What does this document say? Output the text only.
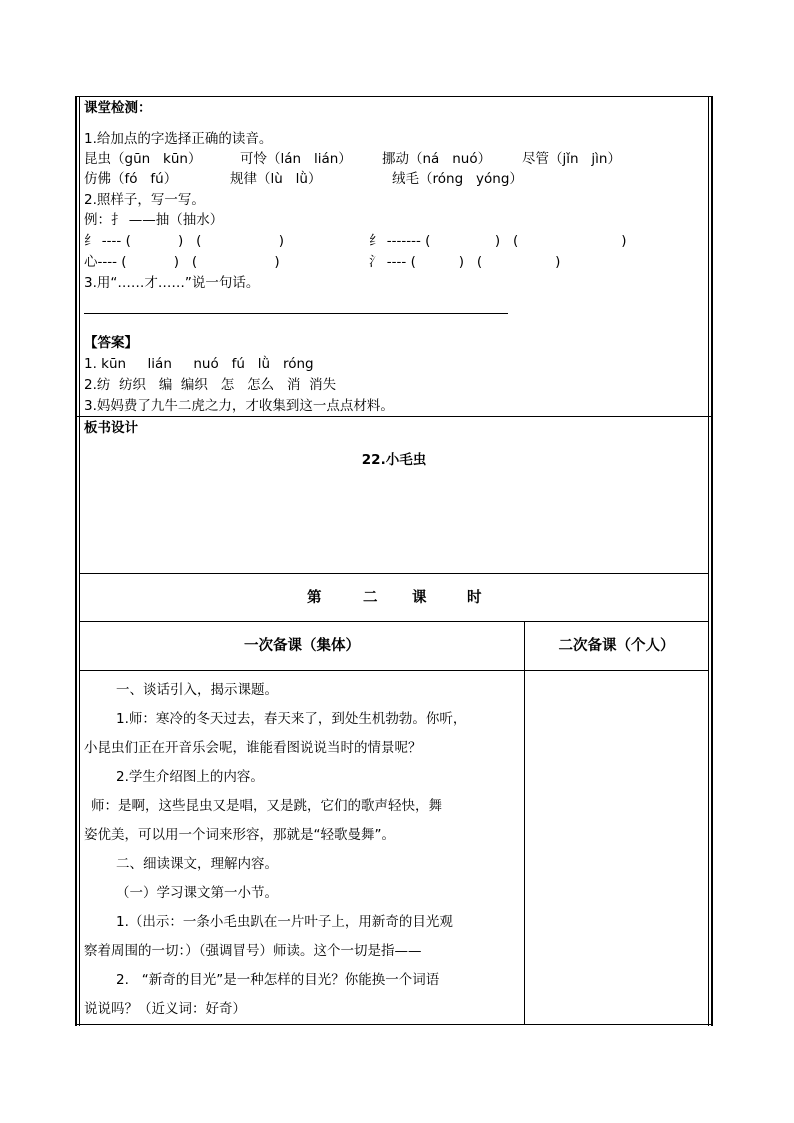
课堂检测：
1.给加点的字选择正确的读音。
昆虫（gūn   kūn）	可怜（lán   lián） 挪动（ná   nuó） 尽管（jǐn   jìn）
仿佛（fó   fú）	规律（lù   lǜ）	绒毛（róng   yóng）
2.照样子，写一写。
例：扌 ——抽（抽水）
纟 ---- (           )   (                  )	纟 ------- (               )   (                        )
心---- (           )   (                  )	氵 ---- (          )   (                 )
3.用“……才……”说一句话。
【答案】
1. kūn     lián     nuó   fú   lǜ   róng
2.纺  纺织   编  编织   怎   怎么   消  消失
3.妈妈费了九牛二虎之力，才收集到这一点点材料。
板书设计
22.小毛虫
第	二 课	时
一次备课（集体）	二次备课（个人）
一、谈话引入，揭示课题。
1.师：寒冷的冬天过去，春天来了，到处生机勃勃。你听，
小昆虫们正在开音乐会呢，谁能看图说说当时的情景呢？
2.学生介绍图上的内容。
师：是啊，这些昆虫又是唱，又是跳，它们的歌声轻快，舞
姿优美，可以用一个词来形容，那就是“轻歌曼舞”。
二、细读课文，理解内容。
（一）学习课文第一小节。
1.（出示：一条小毛虫趴在一片叶子上，用新奇的目光观
察着周围的一切：）（强调冒号）师读。这个一切是指——
2.   “新奇的目光”是一种怎样的目光？你能换一个词语
说说吗？（近义词：好奇）
